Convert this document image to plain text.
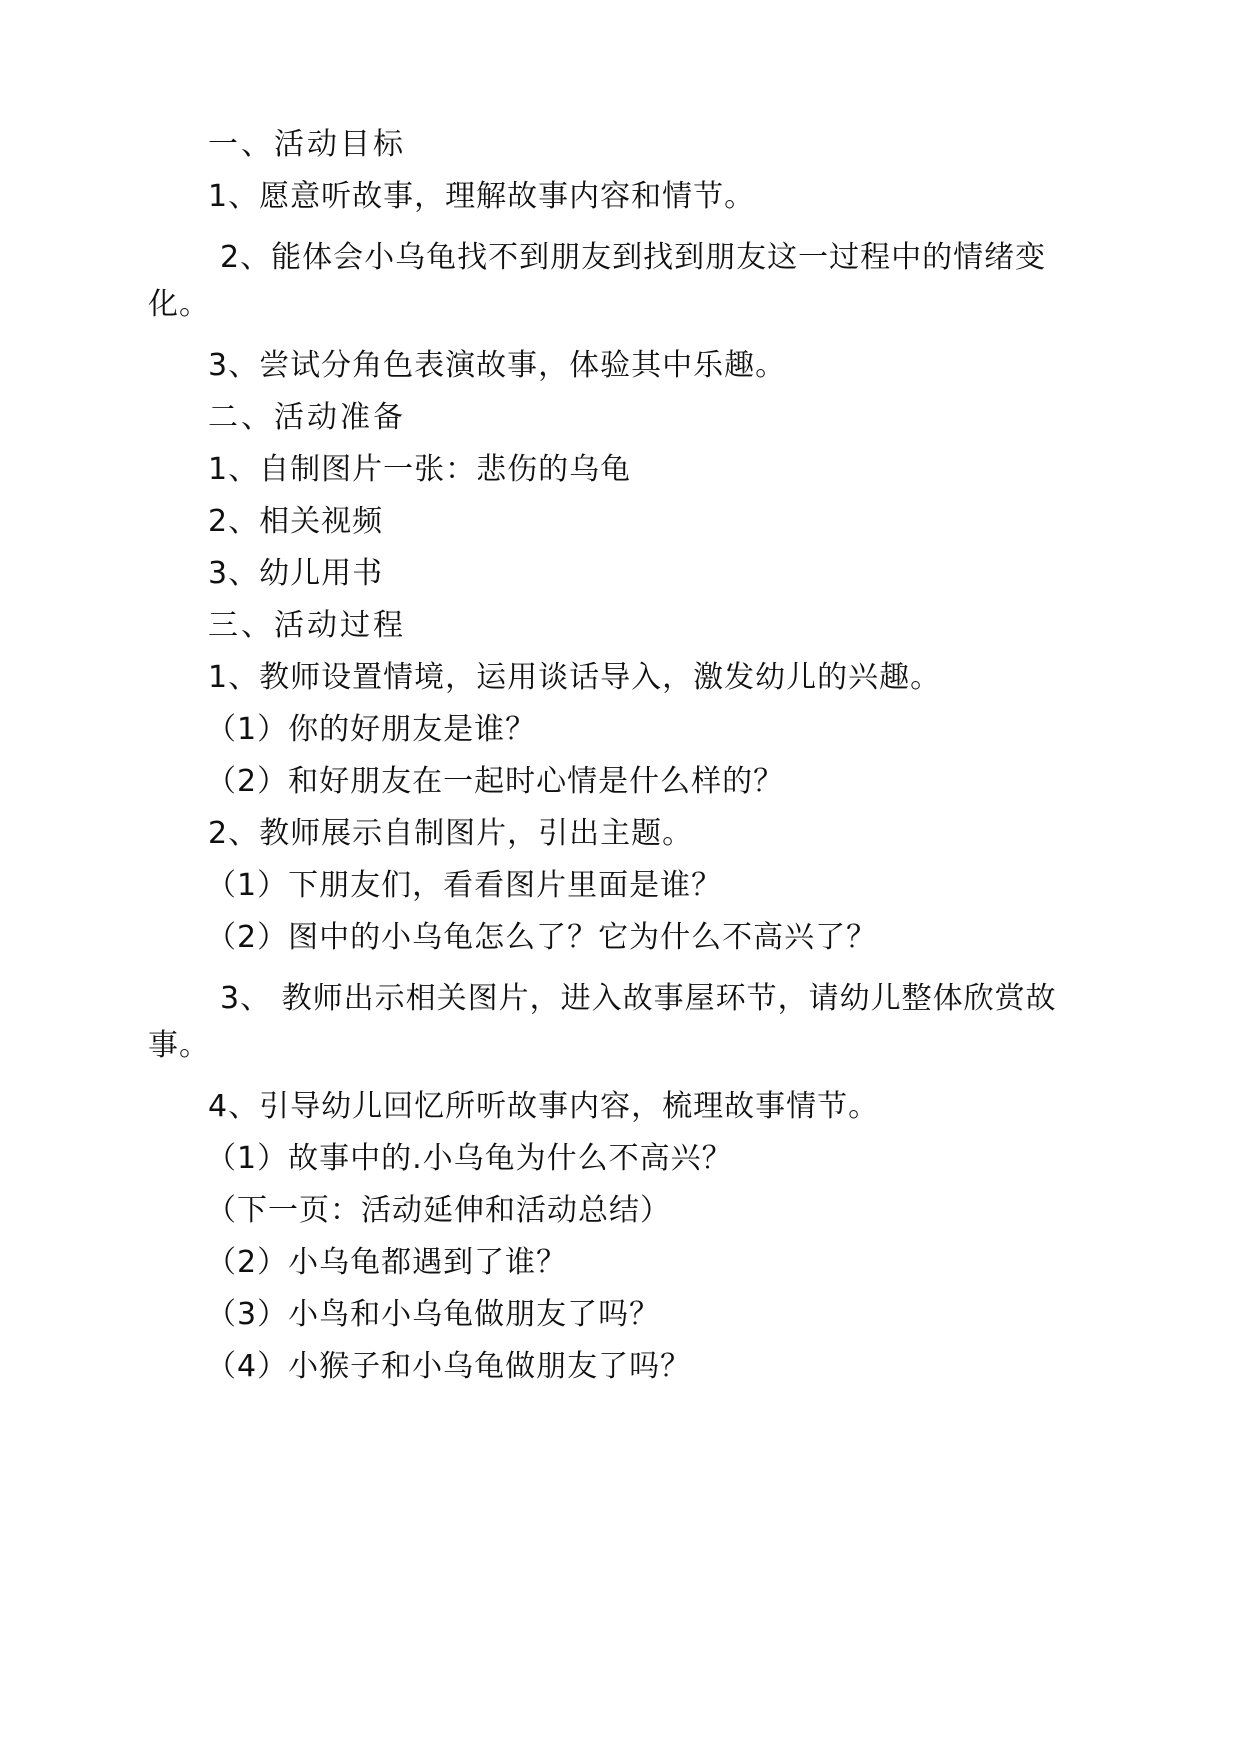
一、活动目标

1、愿意听故事，理解故事内容和情节。

2、能体会小乌龟找不到朋友到找到朋友这一过程中的情绪变化。

3、尝试分角色表演故事，体验其中乐趣。

二、活动准备

1、自制图片一张：悲伤的乌龟

2、相关视频

3、幼儿用书

三、活动过程

1、教师设置情境，运用谈话导入，激发幼儿的兴趣。

（1）你的好朋友是谁？

（2）和好朋友在一起时心情是什么样的？

2、教师展示自制图片，引出主题。

（1）下朋友们，看看图片里面是谁？

（2）图中的小乌龟怎么了？它为什么不高兴了？

3、 教师出示相关图片，进入故事屋环节，请幼儿整体欣赏故事。

4、引导幼儿回忆所听故事内容，梳理故事情节。

（1）故事中的.小乌龟为什么不高兴？

（下一页：活动延伸和活动总结）

（2）小乌龟都遇到了谁？

（3）小鸟和小乌龟做朋友了吗？

（4）小猴子和小乌龟做朋友了吗？
